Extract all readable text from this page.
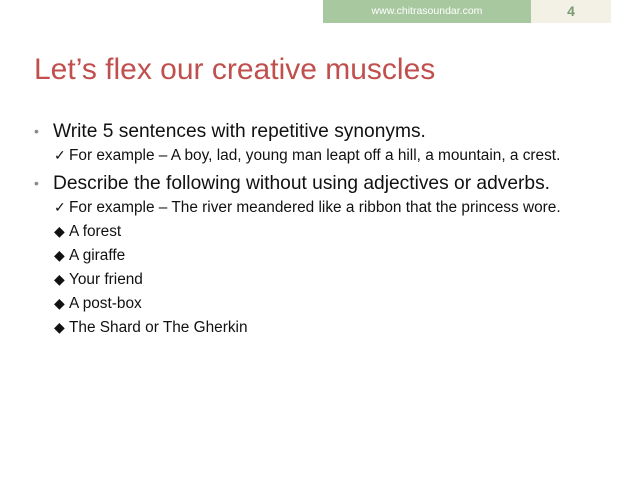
www.chitrasoundar.com	4
Let’s flex our creative muscles
• Write 5 sentences with repetitive synonyms.
✓ For example – A boy, lad, young man leapt off a hill, a mountain, a crest.
• Describe the following without using adjectives or adverbs.
✓ For example – The river meandered like a ribbon that the princess wore.
◆ A forest
◆ A giraffe
◆ Your friend
◆ A post-box
◆ The Shard or The Gherkin
